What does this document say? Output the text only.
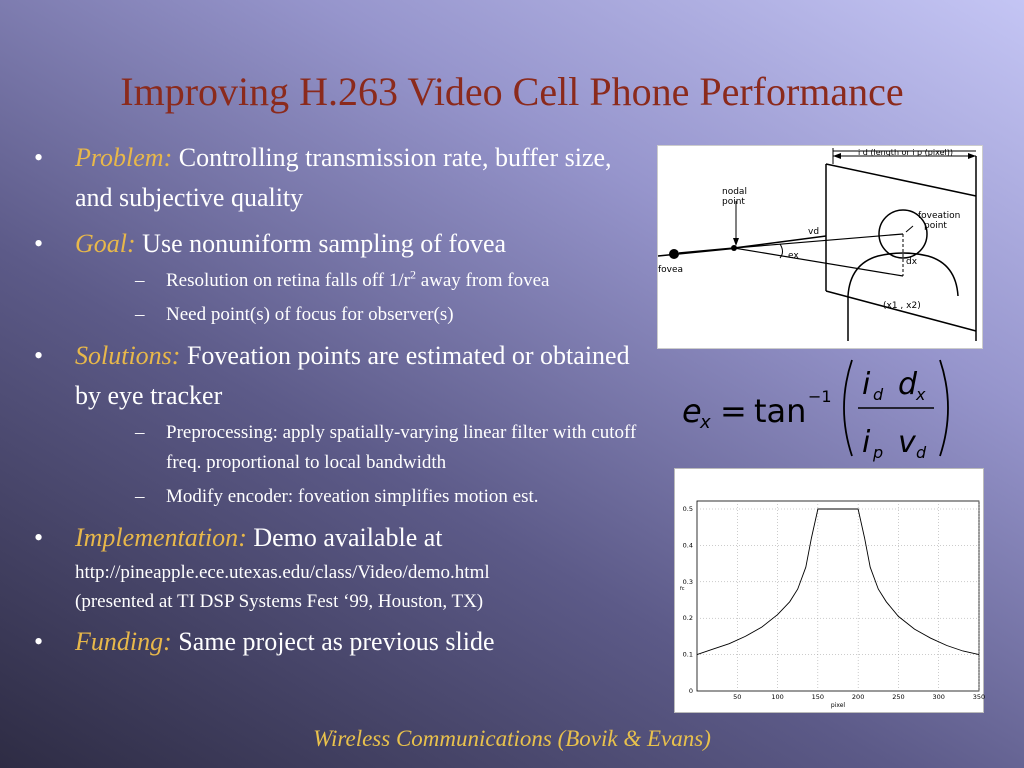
Improving H.263 Video Cell Phone Performance
• Problem: Controlling transmission rate, buffer size, and subjective quality
• Goal: Use nonuniform sampling of fovea
– Resolution on retina falls off $1/r^2$ away from fovea
– Need point(s) of focus for observer(s)
• Solutions: Foveation points are estimated or obtained by eye tracker
– Preprocessing: apply spatially-varying linear filter with cutoff freq. proportional to local bandwidth
– Modify encoder: foveation simplifies motion est.
• Implementation: Demo available at
http://pineapple.ece.utexas.edu/class/Video/demo.html
(presented at TI DSP Systems Fest ‘99, Houston, TX)
• Funding: Same project as previous slide
i d (length or i p (pixel))
nodal
point
foveation
point
fovea
vd
ex
dx
(x1 , x2)
e
x = tan −1 i d d
x
i p v d
50	100	150	200	250	300	350
0
0.1
0.2
0.3
0.4
0.5
pixel
fc
Wireless Communications (Bovik & Evans)
